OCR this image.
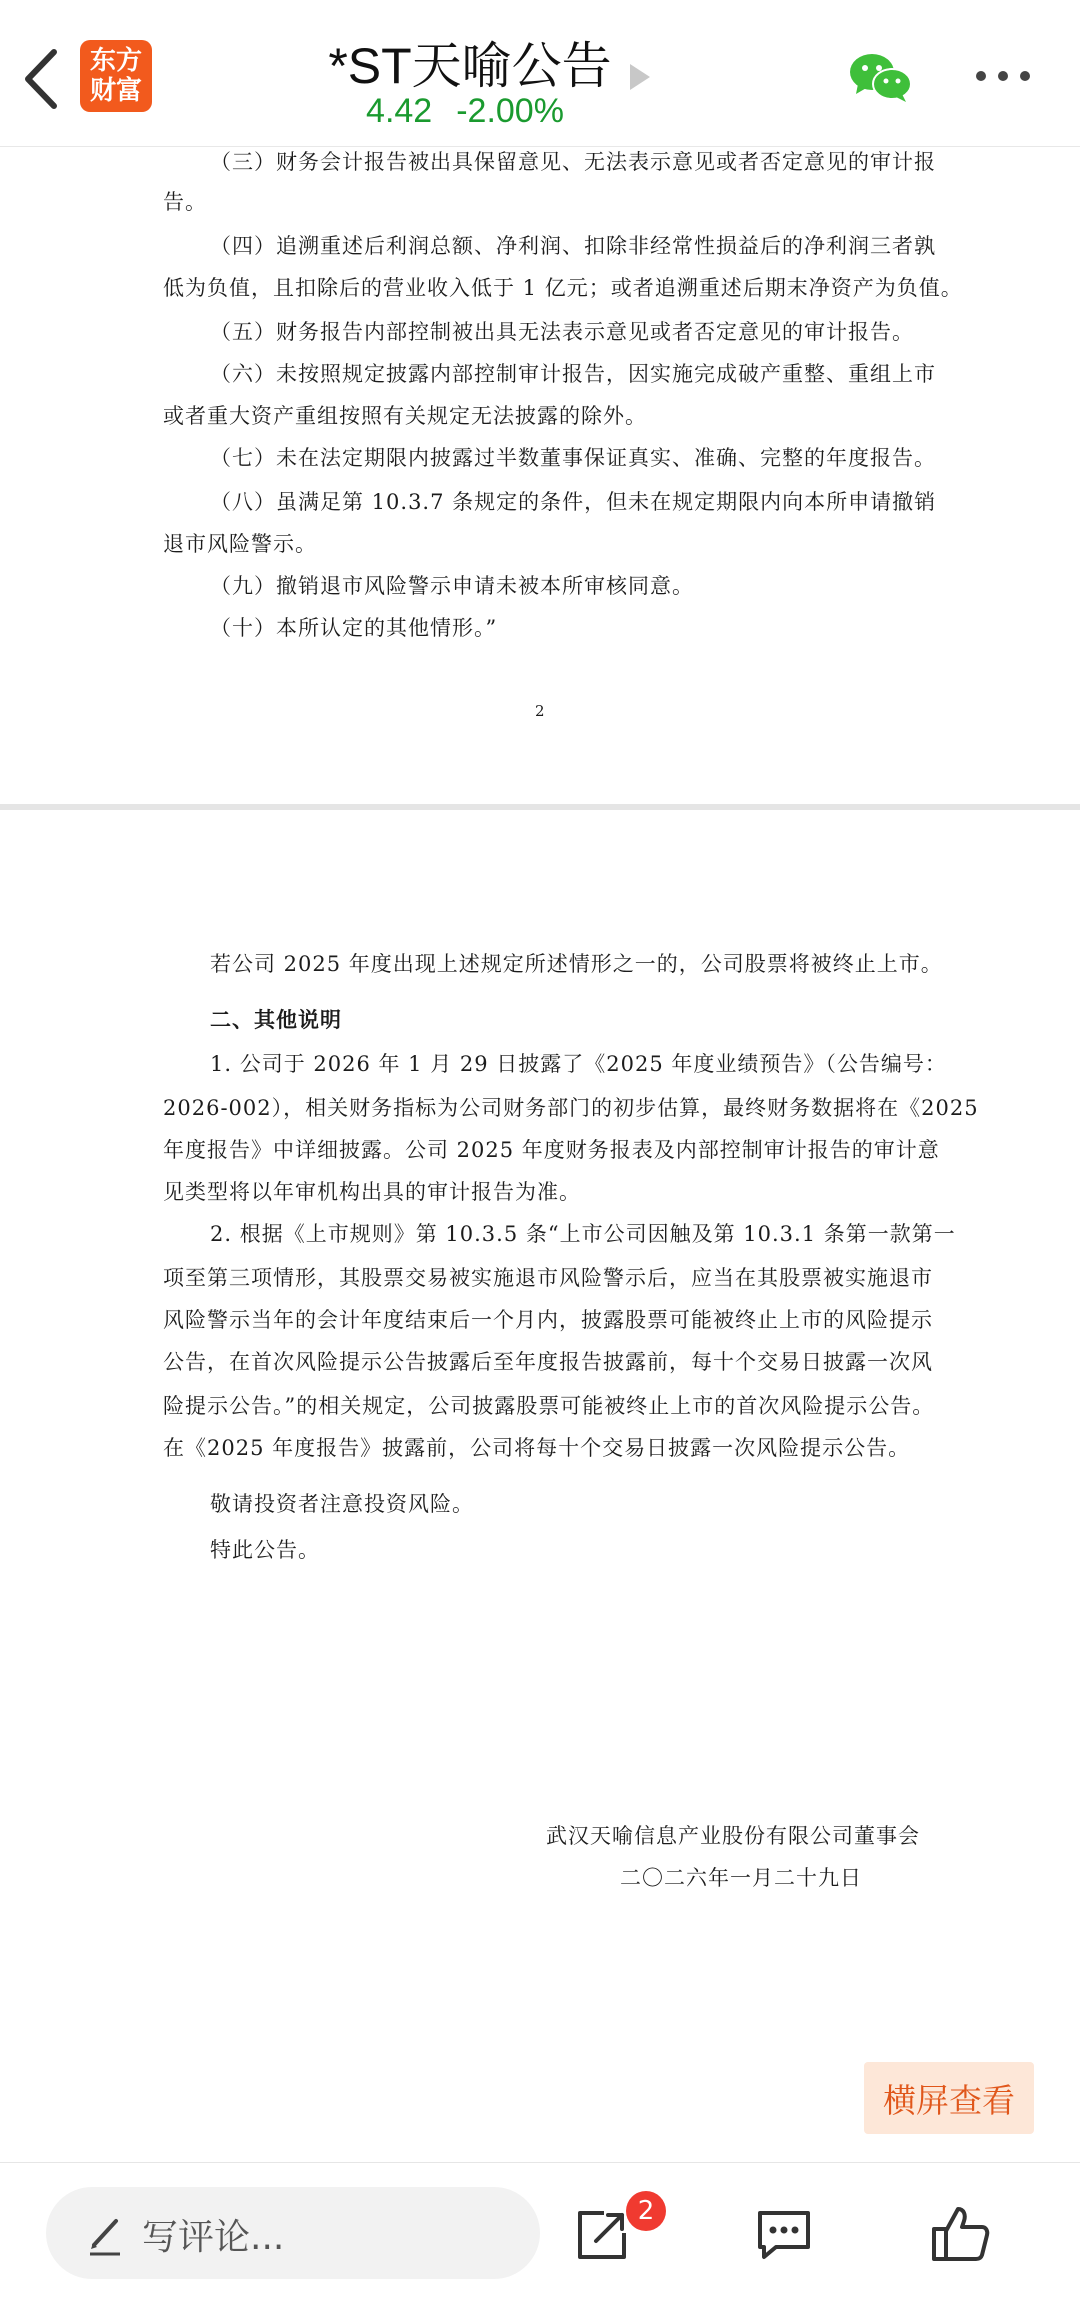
东方
财富	*ST天喻公告
4.42 -2.00%
（三）财务会计报告被出具保留意见、无法表示意见或者否定意见的审计报
告。
（四）追溯重述后利润总额、净利润、扣除非经常性损益后的净利润三者孰
低为负值，且扣除后的营业收入低于 1 亿元；或者追溯重述后期末净资产为负值。
（五）财务报告内部控制被出具无法表示意见或者否定意见的审计报告。
（六）未按照规定披露内部控制审计报告，因实施完成破产重整、重组上市
或者重大资产重组按照有关规定无法披露的除外。
（七）未在法定期限内披露过半数董事保证真实、准确、完整的年度报告。
（八）虽满足第 10.3.7 条规定的条件，但未在规定期限内向本所申请撤销
退市风险警示。
（九）撤销退市风险警示申请未被本所审核同意。
（十）本所认定的其他情形。”
2
若公司 2025 年度出现上述规定所述情形之一的，公司股票将被终止上市。
二、其他说明
1. 公司于 2026 年 1 月 29 日披露了《2025 年度业绩预告》（公告编号：
2026-002），相关财务指标为公司财务部门的初步估算，最终财务数据将在《2025
年度报告》中详细披露。公司 2025 年度财务报表及内部控制审计报告的审计意
见类型将以年审机构出具的审计报告为准。
2. 根据《上市规则》第 10.3.5 条“上市公司因触及第 10.3.1 条第一款第一
项至第三项情形，其股票交易被实施退市风险警示后，应当在其股票被实施退市
风险警示当年的会计年度结束后一个月内，披露股票可能被终止上市的风险提示
公告，在首次风险提示公告披露后至年度报告披露前，每十个交易日披露一次风
险提示公告。”的相关规定，公司披露股票可能被终止上市的首次风险提示公告。
在《2025 年度报告》披露前，公司将每十个交易日披露一次风险提示公告。
敬请投资者注意投资风险。
特此公告。
武汉天喻信息产业股份有限公司董事会
二〇二六年一月二十九日
横屏查看
写评论...
2
